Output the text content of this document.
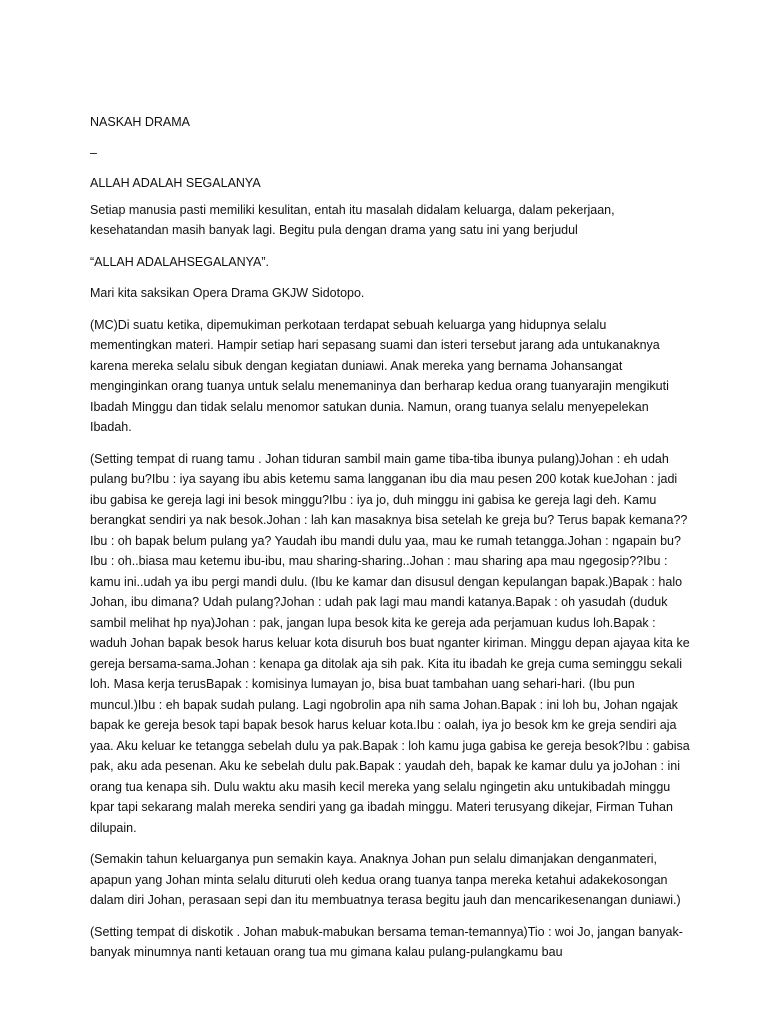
NASKAH DRAMA
–
ALLAH ADALAH SEGALANYA

Setiap manusia pasti memiliki kesulitan, entah itu masalah didalam keluarga, dalam pekerjaan, kesehatandan masih banyak lagi. Begitu pula dengan drama yang satu ini yang berjudul

“ALLAH ADALAHSEGALANYA”.

Mari kita saksikan Opera Drama GKJW Sidotopo.

(MC)Di suatu ketika, dipemukiman perkotaan terdapat sebuah keluarga yang hidupnya selalu mementingkan materi. Hampir setiap hari sepasang suami dan isteri tersebut jarang ada untukanaknya karena mereka selalu sibuk dengan kegiatan duniawi. Anak mereka yang bernama Johansangat menginginkan orang tuanya untuk selalu menemaninya dan berharap kedua orang tuanyarajin mengikuti Ibadah Minggu dan tidak selalu menomor satukan dunia. Namun, orang tuanya selalu menyepelekan Ibadah.

(Setting tempat di ruang tamu . Johan tiduran sambil main game tiba-tiba ibunya pulang)Johan : eh udah pulang bu?Ibu : iya sayang ibu abis ketemu sama langganan ibu dia mau pesen 200 kotak kueJohan : jadi ibu gabisa ke gereja lagi ini besok minggu?Ibu : iya jo, duh minggu ini gabisa ke gereja lagi deh. Kamu berangkat sendiri ya nak besok.Johan : lah kan masaknya bisa setelah ke greja bu? Terus bapak kemana??Ibu : oh bapak belum pulang ya? Yaudah ibu mandi dulu yaa, mau ke rumah tetangga.Johan : ngapain bu?Ibu : oh..biasa mau ketemu ibu-ibu, mau sharing-sharing..Johan : mau sharing apa mau ngegosip??Ibu : kamu ini..udah ya ibu pergi mandi dulu. (Ibu ke kamar dan disusul dengan kepulangan bapak.)Bapak : halo Johan, ibu dimana? Udah pulang?Johan : udah pak lagi mau mandi katanya.Bapak : oh yasudah (duduk sambil melihat hp nya)Johan : pak, jangan lupa besok kita ke gereja ada perjamuan kudus loh.Bapak : waduh Johan bapak besok harus keluar kota disuruh bos buat nganter kiriman. Minggu depan ajayaa kita ke gereja bersama-sama.Johan : kenapa ga ditolak aja sih pak. Kita itu ibadah ke greja cuma seminggu sekali loh. Masa kerja terusBapak : komisinya lumayan jo, bisa buat tambahan uang sehari-hari. (Ibu pun muncul.)Ibu : eh bapak sudah pulang. Lagi ngobrolin apa nih sama Johan.Bapak : ini loh bu, Johan ngajak bapak ke gereja besok tapi bapak besok harus keluar kota.Ibu : oalah, iya jo besok km ke greja sendiri aja yaa. Aku keluar ke tetangga sebelah dulu ya pak.Bapak : loh kamu juga gabisa ke gereja besok?Ibu : gabisa pak, aku ada pesenan. Aku ke sebelah dulu pak.Bapak : yaudah deh, bapak ke kamar dulu ya joJohan : ini orang tua kenapa sih. Dulu waktu aku masih kecil mereka yang selalu ngingetin aku untukibadah minggu kpar tapi sekarang malah mereka sendiri yang ga ibadah minggu. Materi terusyang dikejar, Firman Tuhan dilupain.

(Semakin tahun keluarganya pun semakin kaya. Anaknya Johan pun selalu dimanjakan denganmateri, apapun yang Johan minta selalu dituruti oleh kedua orang tuanya tanpa mereka ketahui adakekosongan dalam diri Johan, perasaan sepi dan itu membuatnya terasa begitu jauh dan mencarikesenangan duniawi.)

(Setting tempat di diskotik . Johan mabuk-mabukan bersama teman-temannya)Tio : woi Jo, jangan banyak-banyak minumnya nanti ketauan orang tua mu gimana kalau pulang-pulangkamu bau
